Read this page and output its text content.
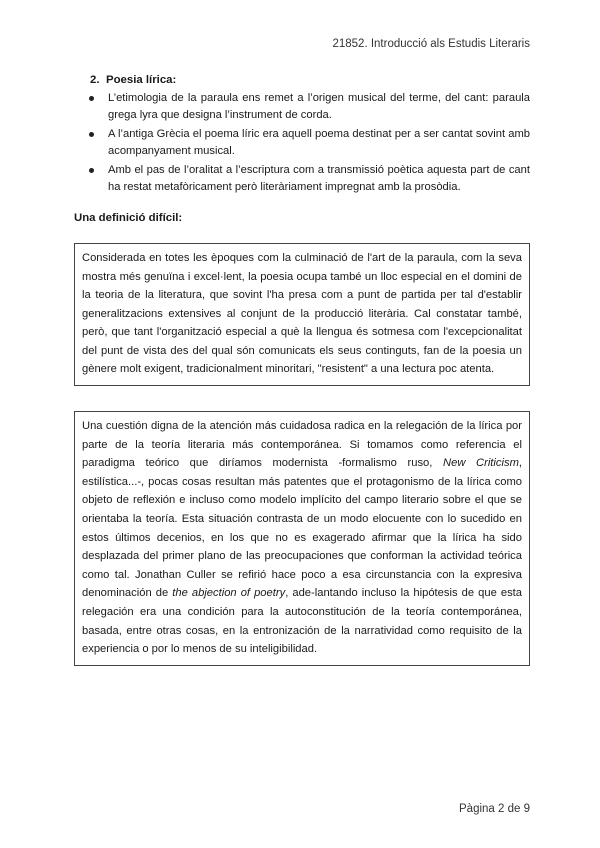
21852. Introducció als Estudis Literaris
2. Poesia lírica:
L’etimologia de la paraula ens remet a l’origen musical del terme, del cant: paraula grega lyra que designa l’instrument de corda.
A l’antiga Grècia el poema líric era aquell poema destinat per a ser cantat sovint amb acompanyament musical.
Amb el pas de l’oralitat a l’escriptura com a transmissió poètica aquesta part de cant ha restat metafòricament però literàriament impregnat amb la prosòdia.
Una definició difícil:

Considerada en totes les èpoques com la culminació de l'art de la paraula, com la seva mostra més genuïna i excel·lent, la poesia ocupa també un lloc especial en el domini de la teoria de la literatura, que sovint l'ha presa com a punt de partida per tal d'establir generalitzacions extensives al conjunt de la producció literària. Cal constatar també, però, que tant l'organització especial a què la llengua és sotmesa com l'excepcionalitat del punt de vista des del qual són comunicats els seus continguts, fan de la poesia un gènere molt exigent, tradicionalment minoritari, "resistent" a una lectura poc atenta.

Una cuestión digna de la atención más cuidadosa radica en la relegación de la lírica por parte de la teoría literaria más contemporánea. Si tomamos como referencia el paradigma teórico que diríamos modernista -formalismo ruso, New Criticism, estilística...-, pocas cosas resultan más patentes que el protagonismo de la lírica como objeto de reflexión e incluso como modelo implícito del campo literario sobre el que se orientaba la teoría. Esta situación contrasta de un modo elocuente con lo sucedido en estos últimos decenios, en los que no es exagerado afirmar que la lírica ha sido desplazada del primer plano de las preocupaciones que conforman la actividad teórica como tal. Jonathan Culler se refirió hace poco a esa circunstancia con la expresiva denominación de the abjection of poetry, ade-lantando incluso la hipótesis de que esta relegación era una condición para la autoconstitución de la teoría contemporánea, basada, entre otras cosas, en la entronización de la narratividad como requisito de la experiencia o por lo menos de su inteligibilidad.

Pàgina 2 de 9
